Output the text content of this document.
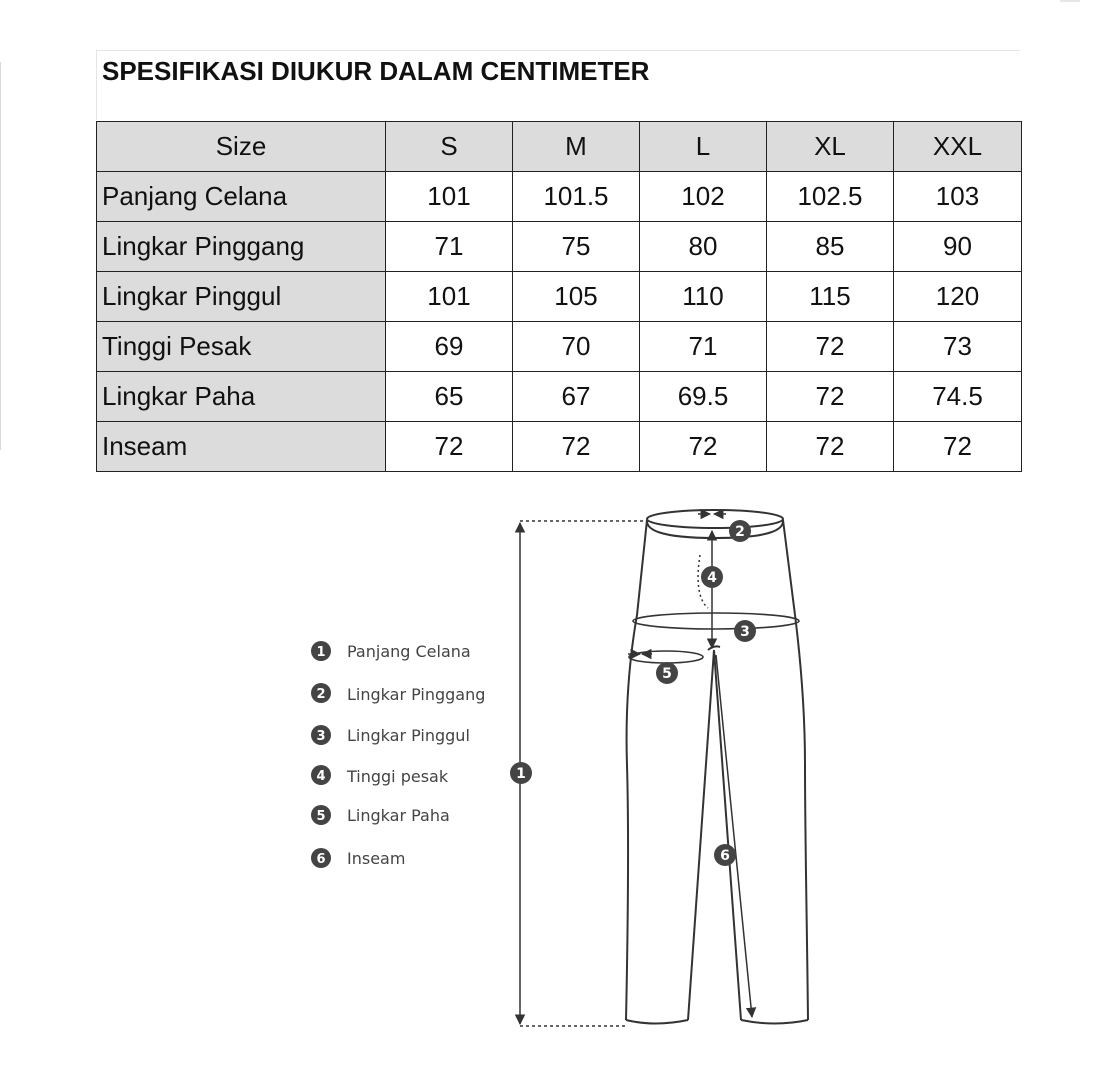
SPESIFIKASI DIUKUR DALAM CENTIMETER
Size	S	M	L	XL	XXL
Panjang Celana	101	101.5	102	102.5	103
Lingkar Pinggang	71	75	80	85	90
Lingkar Pinggul	101	105	110	115	120
Tinggi Pesak	69	70	71	72	73
Lingkar Paha	65	67	69.5	72	74.5
Inseam	72	72	72	72	72
1 Panjang Celana
2 Lingkar Pinggang
3 Lingkar Pinggul
4 Tinggi pesak
5 Lingkar Paha
6 Inseam
1
2
3
4
5
6
